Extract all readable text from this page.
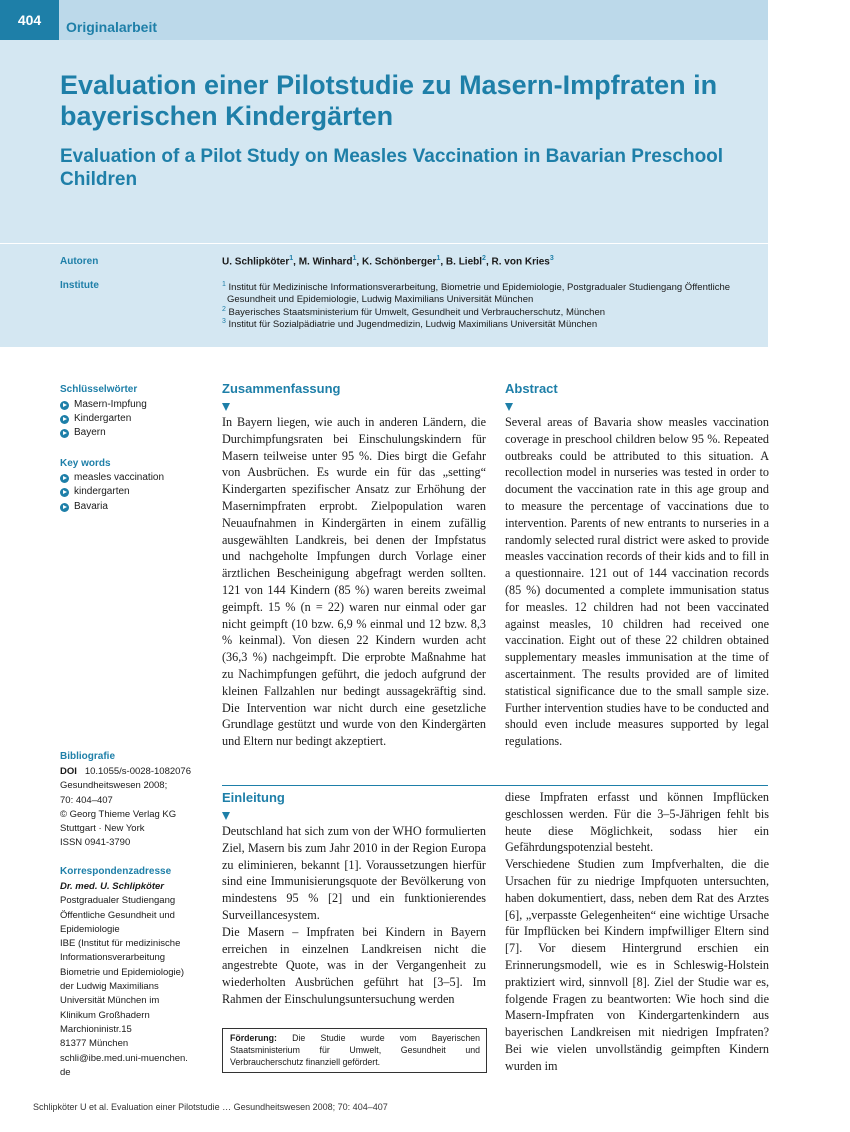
404	Originalarbeit
Evaluation einer Pilotstudie zu Masern-Impfraten in bayerischen Kindergärten
Evaluation of a Pilot Study on Measles Vaccination in Bavarian Preschool Children
Autoren
Institute
U. Schlipköter$^1$, M. Winhard$^1$, K. Schönberger$^1$, B. Liebl$^2$, R. von Kries$^3$
$^1$ Institut für Medizinische Informationsverarbeitung, Biometrie und Epidemiologie, Postgradualer Studiengang Öffentliche
Gesundheit und Epidemiologie, Ludwig Maximilians Universität München
$^2$ Bayerisches Staatsministerium für Umwelt, Gesundheit und Verbraucherschutz, München
$^3$ Institut für Sozialpädiatrie und Jugendmedizin, Ludwig Maximilians Universität München
Schlüsselwörter
Masern-Impfung
Kindergarten
Bayern
Key words
measles vaccination
kindergarten
Bavaria
Bibliografie
DOI 10.1055/s-0028-1082076
Gesundheitswesen 2008;
70: 404–407
© Georg Thieme Verlag KG
Stuttgart · New York
ISSN 0941-3790
Korrespondenzadresse
Dr. med. U. Schlipköter
Postgradualer Studiengang
Öffentliche Gesundheit und
Epidemiologie
IBE (Institut für medizinische
Informationsverarbeitung
Biometrie und Epidemiologie)
der Ludwig Maximilians
Universität München im
Klinikum Großhadern
Marchioninistr.15
81377 München
schli@ibe.med.uni-muenchen.
de
Zusammenfassung

In Bayern liegen, wie auch in anderen Ländern, die Durchimpfungsraten bei Einschulungskindern für Masern teilweise unter 95 %. Dies birgt die Gefahr von Ausbrüchen. Es wurde ein für das „setting“ Kindergarten spezifischer Ansatz zur Erhöhung der Masernimpfraten erprobt. Zielpopulation waren Neuaufnahmen in Kindergärten in einem zufällig ausgewählten Landkreis, bei denen der Impfstatus und nachgeholte Impfungen durch Vorlage einer ärztlichen Bescheinigung abgefragt werden sollten. 121 von 144 Kindern (85 %) waren bereits zweimal geimpft. 15 % (n = 22) waren nur einmal oder gar nicht geimpft (10 bzw. 6,9 % einmal und 12 bzw. 8,3 % keinmal). Von diesen 22 Kindern wurden acht (36,3 %) nachgeimpft. Die erprobte Maßnahme hat zu Nachimpfungen geführt, die jedoch aufgrund der kleinen Fallzahlen nur bedingt aussagekräftig sind. Die Intervention war nicht durch eine gesetzliche Grundlage gestützt und wurde von den Kindergärten und Eltern nur bedingt akzeptiert.

Abstract

Several areas of Bavaria show measles vaccination coverage in preschool children below 95 %. Repeated outbreaks could be attributed to this situation. A recollection model in nurseries was tested in order to document the vaccination rate in this age group and to measure the percentage of vaccinations due to intervention. Parents of new entrants to nurseries in a randomly selected rural district were asked to provide measles vaccination records of their kids and to fill in a questionnaire. 121 out of 144 vaccination records (85 %) documented a complete immunisation status for measles. 12 children had not been vaccinated against measles, 10 children had received one vaccination. Eight out of these 22 children obtained supplementary measles immunisation at the time of ascertainment. The results provided are of limited statistical significance due to the small sample size. Further intervention studies have to be conducted and should even include measures supported by legal regulations.

Einleitung

Deutschland hat sich zum von der WHO formulierten Ziel, Masern bis zum Jahr 2010 in der Region Europa zu eliminieren, bekannt [1]. Voraussetzungen hierfür sind eine Immunisierungsquote der Bevölkerung von mindestens 95 % [2] und ein funktionierendes Surveillancesystem.
Die Masern – Impfraten bei Kindern in Bayern erreichen in einzelnen Landkreisen nicht die angestrebte Quote, was in der Vergangenheit zu wiederholten Ausbrüchen geführt hat [3–5]. Im Rahmen der Einschulungsuntersuchung werden

diese Impfraten erfasst und können Impflücken geschlossen werden. Für die 3–5-Jährigen fehlt bis heute diese Möglichkeit, sodass hier ein Gefährdungspotenzial besteht.
Verschiedene Studien zum Impfverhalten, die die Ursachen für zu niedrige Impfquoten untersuchten, haben dokumentiert, dass, neben dem Rat des Arztes [6], „verpasste Gelegenheiten“ eine wichtige Ursache für Impflücken bei Kindern impfwilliger Eltern sind [7]. Vor diesem Hintergrund erschien ein Erinnerungsmodell, wie es in Schleswig-Holstein praktiziert wird, sinnvoll [8]. Ziel der Studie war es, folgende Fragen zu beantworten: Wie hoch sind die Masern-Impfraten von Kindergartenkindern aus bayerischen Landkreisen mit niedrigen Impfraten? Bei wie vielen unvollständig geimpften Kindern wurden im

Förderung: Die Studie wurde vom Bayerischen Staatsministerium für Umwelt, Gesundheit und Verbraucherschutz finanziell gefördert.
Schlipköter U et al. Evaluation einer Pilotstudie … Gesundheitswesen 2008; 70: 404–407
